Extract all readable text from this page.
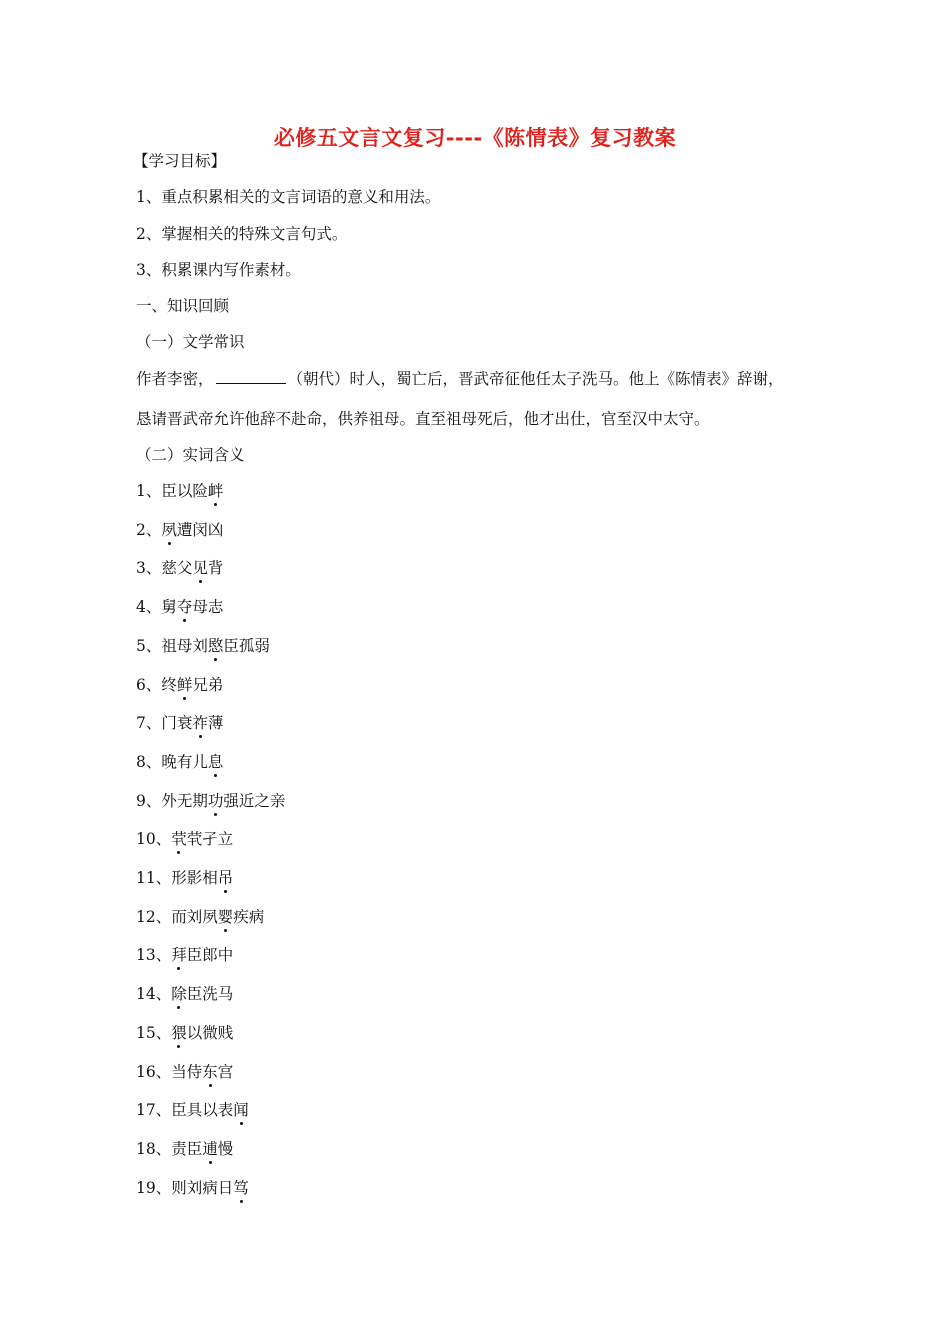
必修五文言文复习----《陈情表》复习教案
【学习目标】
1、重点积累相关的文言词语的意义和用法。
2、掌握相关的特殊文言句式。
3、积累课内写作素材。
一、知识回顾
（一）文学常识
作者李密，	（朝代）时人，蜀亡后，晋武帝征他任太子洗马。他上《陈情表》辞谢，
恳请晋武帝允许他辞不赴命，供养祖母。直至祖母死后，他才出仕，官至汉中太守。
（二）实词含义
1、臣以险衅
2、夙遭闵凶
3、慈父见背
4、舅夺母志
5、祖母刘愍臣孤弱
6、终鲜兄弟
7、门衰祚薄
8、晚有儿息
9、外无期功强近之亲
10、茕茕孑立
11、形影相吊
12、而刘夙婴疾病
13、拜臣郎中
14、除臣洗马
15、猥以微贱
16、当侍东宫
17、臣具以表闻
18、责臣逋慢
19、则刘病日笃
